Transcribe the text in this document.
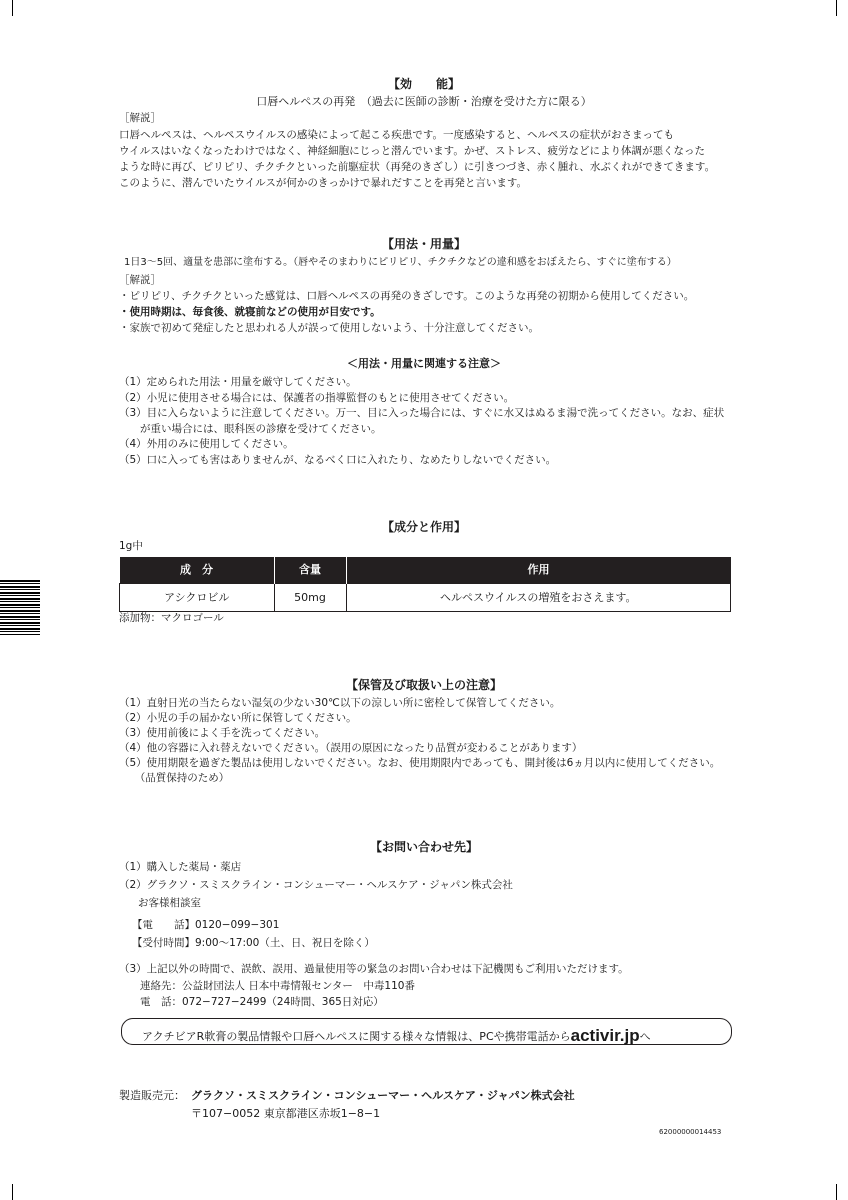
【効　　能】
口唇ヘルペスの再発　（過去に医師の診断・治療を受けた方に限る）
［解説］
口唇ヘルペスは、ヘルペスウイルスの感染によって起こる疾患です。一度感染すると、ヘルペスの症状がおさまっても
ウイルスはいなくなったわけではなく、神経細胞にじっと潜んでいます。かぜ、ストレス、疲労などにより体調が悪くなった
ような時に再び、ピリピリ、チクチクといった前駆症状（再発のきざし）に引きつづき、赤く腫れ、水ぶくれができてきます。
このように、潜んでいたウイルスが何かのきっかけで暴れだすことを再発と言います。
【用法・用量】
1日3〜5回、適量を患部に塗布する。（唇やそのまわりにピリピリ、チクチクなどの違和感をおぼえたら、すぐに塗布する）
［解説］
・ピリピリ、チクチクといった感覚は、口唇ヘルペスの再発のきざしです。このような再発の初期から使用してください。
・使用時期は、毎食後、就寝前などの使用が目安です。
・家族で初めて発症したと思われる人が誤って使用しないよう、十分注意してください。
＜用法・用量に関連する注意＞
（1）定められた用法・用量を厳守してください。
（2）小児に使用させる場合には、保護者の指導監督のもとに使用させてください。
（3）目に入らないように注意してください。万一、目に入った場合には、すぐに水又はぬるま湯で洗ってください。なお、症状
　　が重い場合には、眼科医の診療を受けてください。
（4）外用のみに使用してください。
（5）口に入っても害はありませんが、なるべく口に入れたり、なめたりしないでください。
【成分と作用】
1g中
成　分	含量	作用
アシクロビル	50mg	ヘルペスウイルスの増殖をおさえます。
添加物：マクロゴール
【保管及び取扱い上の注意】
（1）直射日光の当たらない湿気の少ない30℃以下の涼しい所に密栓して保管してください。
（2）小児の手の届かない所に保管してください。
（3）使用前後によく手を洗ってください。
（4）他の容器に入れ替えないでください。（誤用の原因になったり品質が変わることがあります）
（5）使用期限を過ぎた製品は使用しないでください。なお、使用期限内であっても、開封後は6ヵ月以内に使用してください。
　　（品質保持のため）
【お問い合わせ先】
（1）購入した薬局・薬店
（2）グラクソ・スミスクライン・コンシューマー・ヘルスケア・ジャパン株式会社
お客様相談室
【電　　話】0120−099−301
【受付時間】9:00〜17:00（土、日、祝日を除く）
（3）上記以外の時間で、誤飲、誤用、過量使用等の緊急のお問い合わせは下記機関もご利用いただけます。
連絡先：公益財団法人 日本中毒情報センター　中毒110番
電　話：072−727−2499（24時間、365日対応）
アクチビアR軟膏の製品情報や口唇ヘルペスに関する様々な情報は、PCや携帯電話からactivir.jpへ
製造販売元： グラクソ・スミスクライン・コンシューマー・ヘルスケア・ジャパン株式会社
〒107−0052 東京都港区赤坂1−8−1
62000000014453
